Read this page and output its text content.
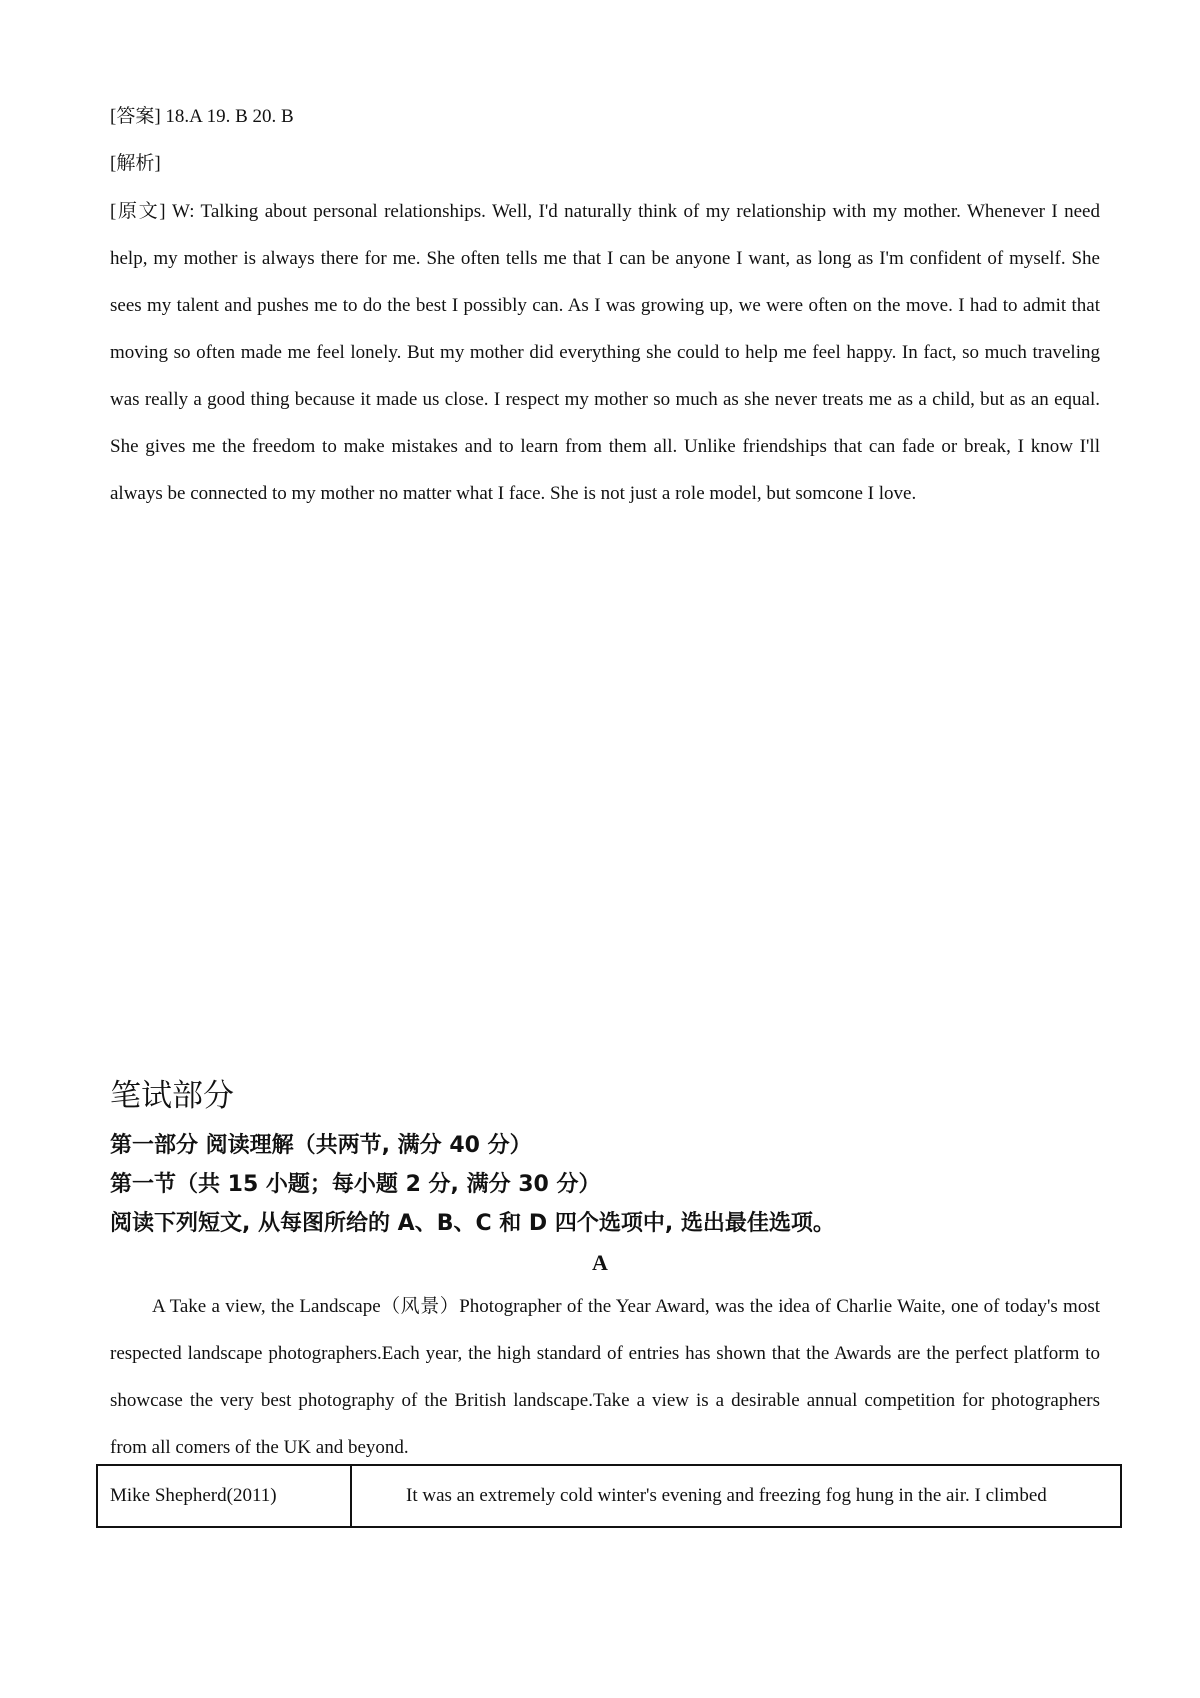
[答案] 18.A 19. B 20. B
[解析]

[原文] W: Talking about personal relationships. Well, I'd naturally think of my relationship with my mother. Whenever I need help, my mother is always there for me. She often tells me that I can be anyone I want, as long as I'm confident of myself. She sees my talent and pushes me to do the best I possibly can. As I was growing up, we were often on the move. I had to admit that moving so often made me feel lonely. But my mother did everything she could to help me feel happy. In fact, so much traveling was really a good thing because it made us close. I respect my mother so much as she never treats me as a child, but as an equal. She gives me the freedom to make mistakes and to learn from them all. Unlike friendships that can fade or break, I know I'll always be connected to my mother no matter what I face. She is not just a role model, but somcone I love.

笔试部分
第一部分 阅读理解（共两节, 满分 40 分）
第一节（共 15 小题；每小题 2 分, 满分 30 分）
阅读下列短文, 从每图所给的 A、B、C 和 D 四个选项中, 选出最佳选项。
A

A Take a view, the Landscape（风景）Photographer of the Year Award, was the idea of Charlie Waite, one of today's most respected landscape photographers.Each year, the high standard of entries has shown that the Awards are the perfect platform to showcase the very best photography of the British landscape.Take a view is a desirable annual competition for photographers from all comers of the UK and beyond.

Mike Shepherd(2011)	It was an extremely cold winter's evening and freezing fog hung in the air. I climbed
